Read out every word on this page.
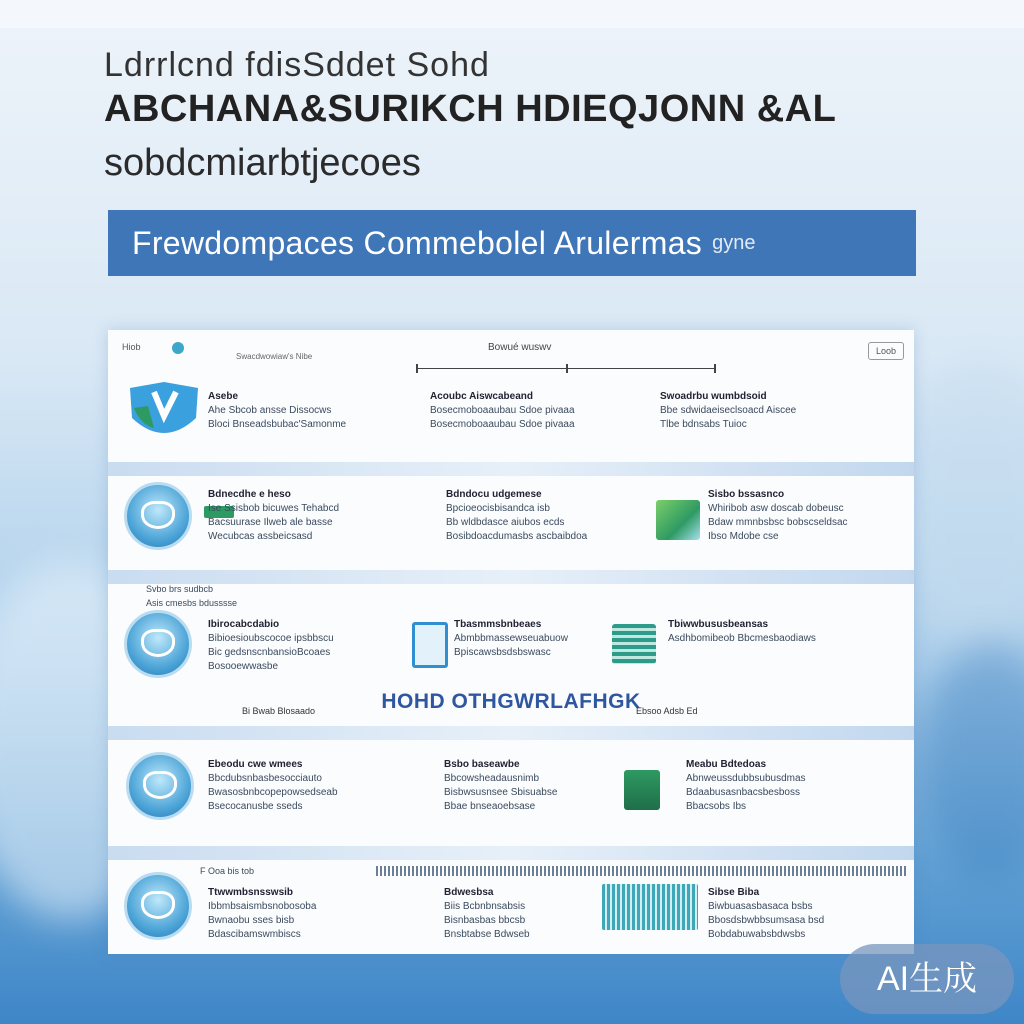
Ldrrlcnd fdisSddet Sohd
ABCHANA&SURIKCH HDIEQJONN &AL
sobdcmiarbtjecoes
Frewdompaces Commebolel Arulermas gyne
Hiob
Swacdwowiaw's Nibe
Bowué wuswv	Loob
Asebe
Ahe Sbcob ansse Dissocws
Bloci Bnseadsbubac'Samonme
Acoubc Aiswcabeand
Bosecmoboaaubau Sdoe pivaaa
Bosecmoboaaubau Sdoe pivaaa
Swoadrbu wumbdsoid
Bbe sdwidaeiseclsoacd Aiscee
Tlbe bdnsabs Tuioc
Bdnecdhe e heso
Ise Ssisbob bicuwes Tehabcd
Bacsuurase Ilweb ale basse
Wecubcas assbeicsasd
Bdndocu udgemese
Bpcioeocisbisandca isb
Bb wldbdasce aiubos ecds
Bosibdoacdumasbs ascbaibdoa
Sisbo bssasnco
Whiribob asw doscab dobeusc
Bdaw mmnbsbsc bobscseldsac
Ibso Mdobe cse
Svbo brs sudbcb
Asis cmesbs bdusssse
Ibirocabcdabio
Bibioesioubscocoe ipsbbscu
Bic gedsnscnbansioBcoaes
Bosooewwasbe
Tbasmmsbnbeaes
Abmbbmassewseuabuow
Bpiscawsbsdsbswasc
Tbiwwbususbeansas
Asdhbomibeob Bbcmesbaodiaws
Bi Bwab Blosaado	HOHD OTHGWRLAFHGK
Ebsoo Adsb Ed
Ebeodu cwe wmees
Bbcdubsnbasbesocciauto
Bwasosbnbcopepowsedseab
Bsecocanusbe sseds
Bsbo baseawbe
Bbcowsheadausnimb
Bisbwsusnsee Sbisuabse
Bbae bnseaoebsase
Meabu Bdtedoas
Abnweussdubbsubusdmas
Bdaabusasnbacsbesboss
Bbacsobs Ibs
F Ooa bis tob
Ttwwmbsnsswsib
Ibbmbsaismbsnobosoba
Bwnaobu sses bisb
Bdascibamswmbiscs
Bdwesbsa
Biis Bcbnbnsabsis
Bisnbasbas bbcsb
Bnsbtabse Bdwseb
Sibse Biba
Biwbuasasbasaca bsbs
Bbosdsbwbbsumsasa bsd
Bobdabuwabsbdwsbs
AI生成
